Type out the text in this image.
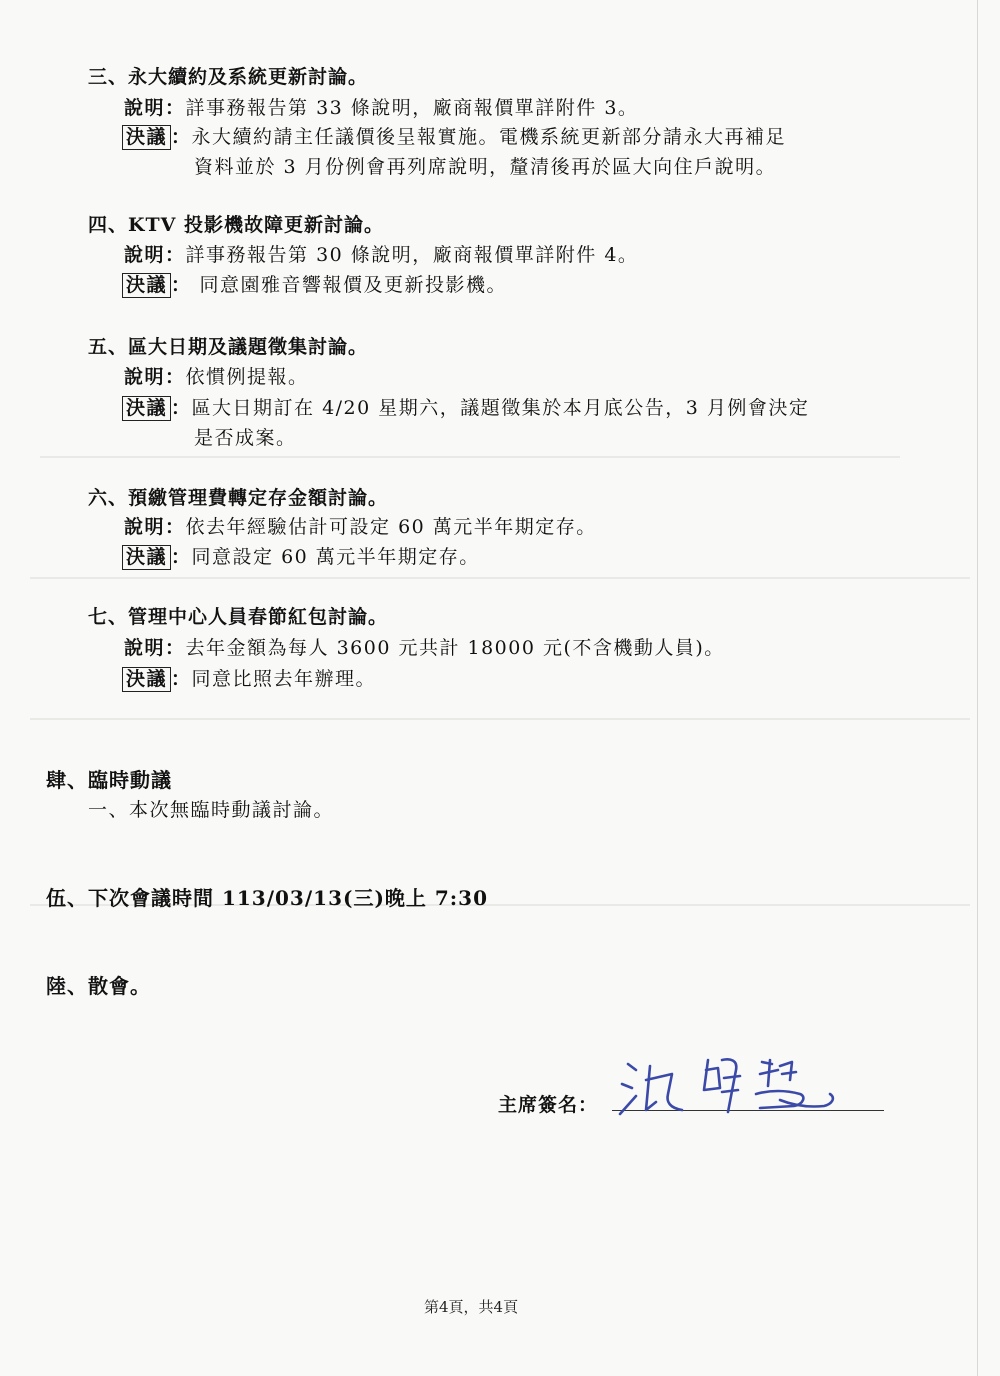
三、永大續約及系統更新討論。
說明：詳事務報告第 33 條說明，廠商報價單詳附件 3。
決議 ：永大續約請主任議價後呈報實施。電機系統更新部分請永大再補足
資料並於 3 月份例會再列席說明，釐清後再於區大向住戶說明。
四、KTV 投影機故障更新討論。
說明：詳事務報告第 30 條說明，廠商報價單詳附件 4。
決議 ： 同意園雅音響報價及更新投影機。
五、區大日期及議題徵集討論。
說明：依慣例提報。
決議 ：區大日期訂在 4/20 星期六，議題徵集於本月底公告，3 月例會決定
是否成案。
六、預繳管理費轉定存金額討論。
說明：依去年經驗估計可設定 60 萬元半年期定存。
決議 ：同意設定 60 萬元半年期定存。
七、管理中心人員春節紅包討論。
說明：去年金額為每人 3600 元共計 18000 元(不含機動人員)。
決議 ：同意比照去年辦理。
肆、臨時動議
一、本次無臨時動議討論。
伍、下次會議時間 113/03/13(三)晚上 7:30
陸、散會。
主席簽名：
第4頁，共4頁
